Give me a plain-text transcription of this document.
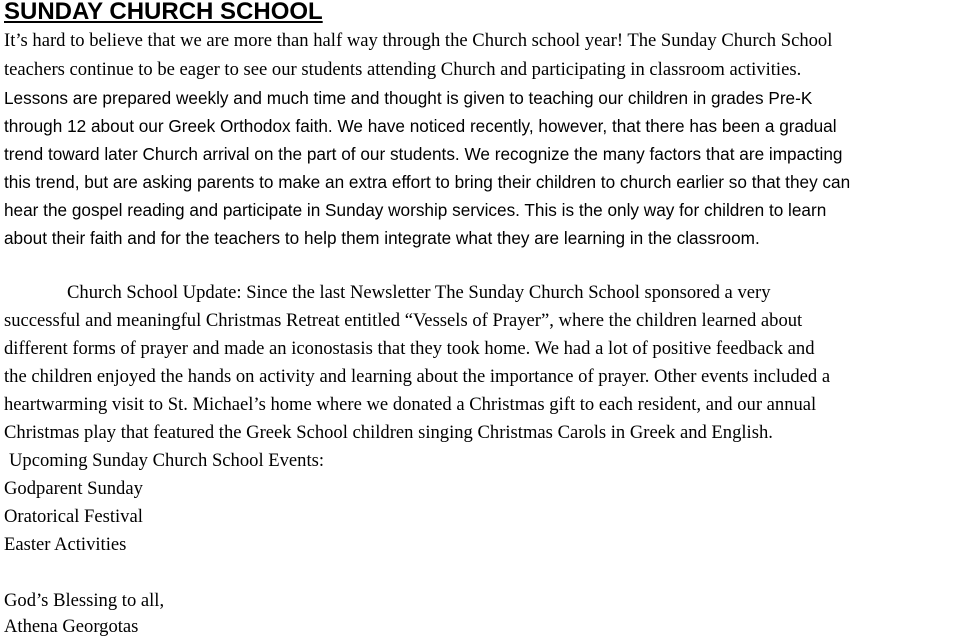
SUNDAY CHURCH SCHOOL

It’s hard to believe that we are more than half way through the Church school year! The Sunday Church School

teachers continue to be eager to see our students attending Church and participating in classroom activities.

Lessons are prepared weekly and much time and thought is given to teaching our children in grades Pre-K

through 12 about our Greek Orthodox faith. We have noticed recently, however, that there has been a gradual

trend toward later Church arrival on the part of our students. We recognize the many factors that are impacting

this trend, but are asking parents to make an extra effort to bring their children to church earlier so that they can

hear the gospel reading and participate in Sunday worship services. This is the only way for children to learn

about their faith and for the teachers to help them integrate what they are learning in the classroom.

Church School Update: Since the last Newsletter The Sunday Church School sponsored a very

successful and meaningful Christmas Retreat entitled “Vessels of Prayer”, where the children learned about

different forms of prayer and made an iconostasis that they took home. We had a lot of positive feedback and

the children enjoyed the hands on activity and learning about the importance of prayer. Other events included a

heartwarming visit to St. Michael’s home where we donated a Christmas gift to each resident, and our annual

Christmas play that featured the Greek School children singing Christmas Carols in Greek and English.

Upcoming Sunday Church School Events:

Godparent Sunday

Oratorical Festival

Easter Activities

God’s Blessing to all,

Athena Georgotas
